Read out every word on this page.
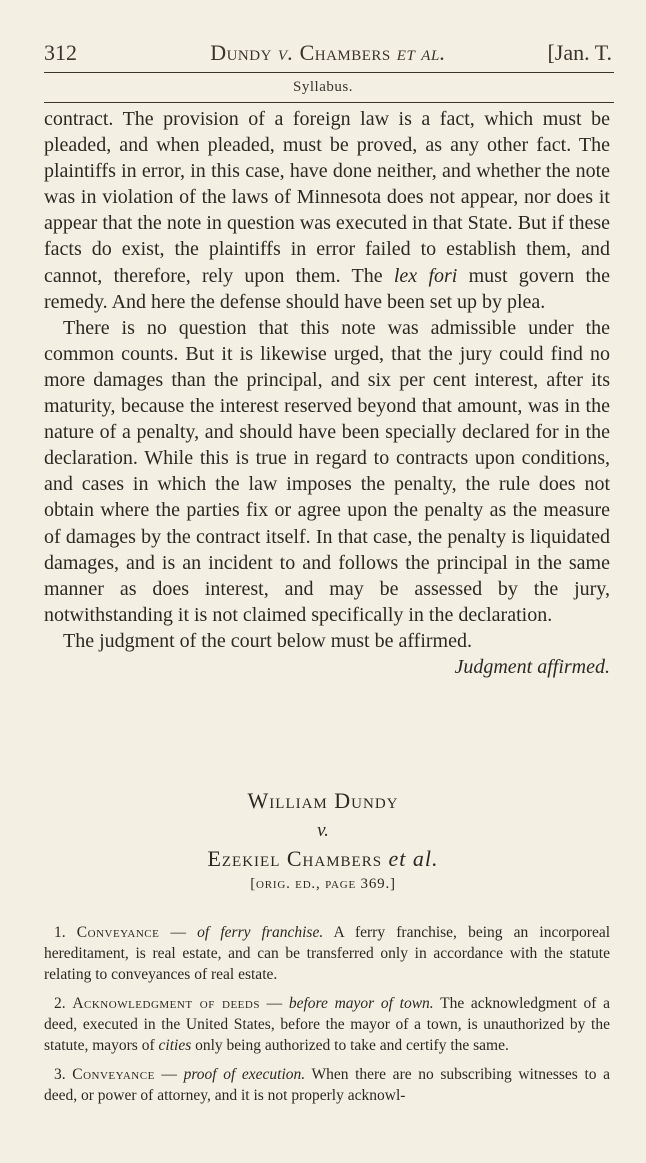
312	Dundy v. Chambers et al.	[Jan. T.
Syllabus.

contract. The provision of a foreign law is a fact, which must be pleaded, and when pleaded, must be proved, as any other fact. The plaintiffs in error, in this case, have done neither, and whether the note was in violation of the laws of Minnesota does not appear, nor does it appear that the note in question was executed in that State. But if these facts do exist, the plaintiffs in error failed to establish them, and cannot, therefore, rely upon them. The lex fori must govern the remedy. And here the defense should have been set up by plea.

There is no question that this note was admissible under the common counts. But it is likewise urged, that the jury could find no more damages than the principal, and six per cent interest, after its maturity, because the interest reserved beyond that amount, was in the nature of a penalty, and should have been specially declared for in the declaration. While this is true in regard to contracts upon conditions, and cases in which the law imposes the penalty, the rule does not obtain where the parties fix or agree upon the penalty as the measure of damages by the contract itself. In that case, the penalty is liquidated damages, and is an incident to and follows the principal in the same manner as does interest, and may be assessed by the jury, notwithstanding it is not claimed specifically in the declaration.

The judgment of the court below must be affirmed.

Judgment affirmed.
William Dundy
v.
Ezekiel Chambers et al.
[orig. ed., page 369.]

1. Conveyance — of ferry franchise. A ferry franchise, being an incorporeal hereditament, is real estate, and can be transferred only in accordance with the statute relating to conveyances of real estate.

2. Acknowledgment of deeds — before mayor of town. The acknowledgment of a deed, executed in the United States, before the mayor of a town, is unauthorized by the statute, mayors of cities only being authorized to take and certify the same.

3. Conveyance — proof of execution. When there are no subscribing witnesses to a deed, or power of attorney, and it is not properly acknowl-
